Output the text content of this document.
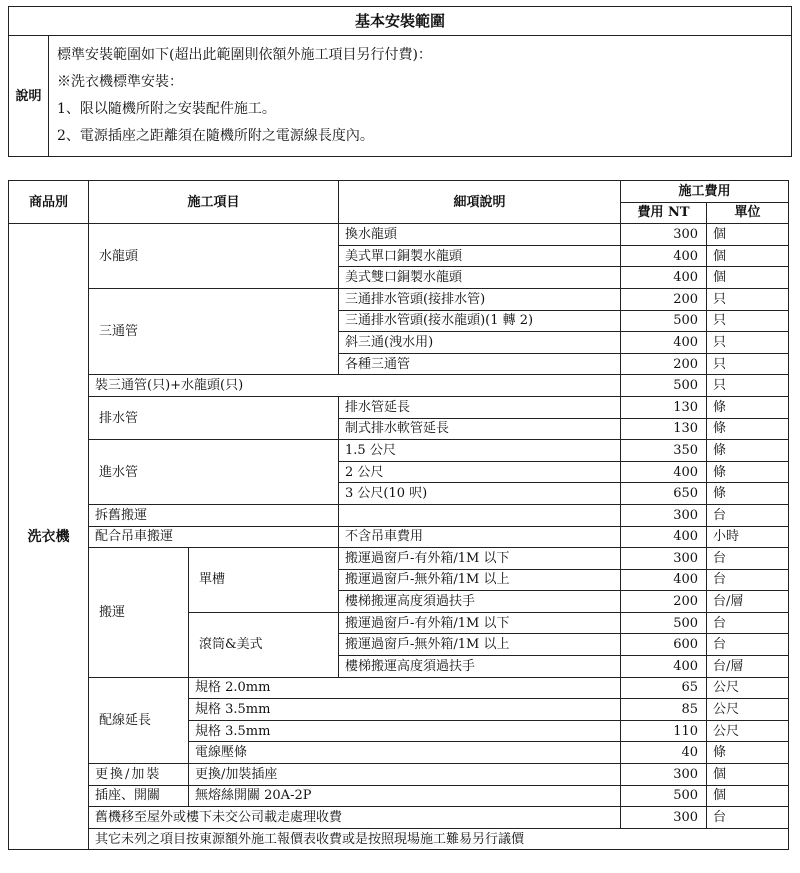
基本安裝範圍
說明	
標準安裝範圍如下(超出此範圍則依額外施工項目另行付費)：
※洗衣機標準安裝：
1、限以隨機所附之安裝配件施工。
2、電源插座之距離須在隨機所附之電源線長度內。
商品別	施工項目		細項說明	施工費用	
				費用 NT	單位
洗衣機	水龍頭		換水龍頭	300	個
			美式單口銅製水龍頭	400	個
			美式雙口銅製水龍頭	400	個
	三通管		三通排水管頭(接排水管)	200	只
			三通排水管頭(接水龍頭)(1 轉 2)	500	只
			斜三通(洩水用)	400	只
			各種三通管	200	只
	裝三通管(只)+水龍頭(只)			500	只
	排水管		排水管延長	130	條
			制式排水軟管延長	130	條
	進水管		1.5 公尺	350	條
			2 公尺	400	條
			3 公尺(10 呎)	650	條
	拆舊搬運			300	台
	配合吊車搬運		不含吊車費用	400	小時
	搬運	單槽	搬運過窗戶-有外箱/1M 以下	300	台
			搬運過窗戶-無外箱/1M 以上	400	台
			樓梯搬運高度須過扶手	200	台/層
		滾筒&美式	搬運過窗戶-有外箱/1M 以下	500	台
			搬運過窗戶-無外箱/1M 以上	600	台
			樓梯搬運高度須過扶手	400	台/層
	配線延長	規格 2.0mm		65	公尺
		規格 3.5mm		85	公尺
		規格 3.5mm		110	公尺
		電線壓條		40	條
	更換/加裝	更換/加裝插座		300	個
	插座、開關	無熔絲開關 20A-2P		500	個
	舊機移至屋外或樓下未交公司載走處理收費			300	台
	其它未列之項目按東源額外施工報價表收費或是按照現場施工難易另行議價				
